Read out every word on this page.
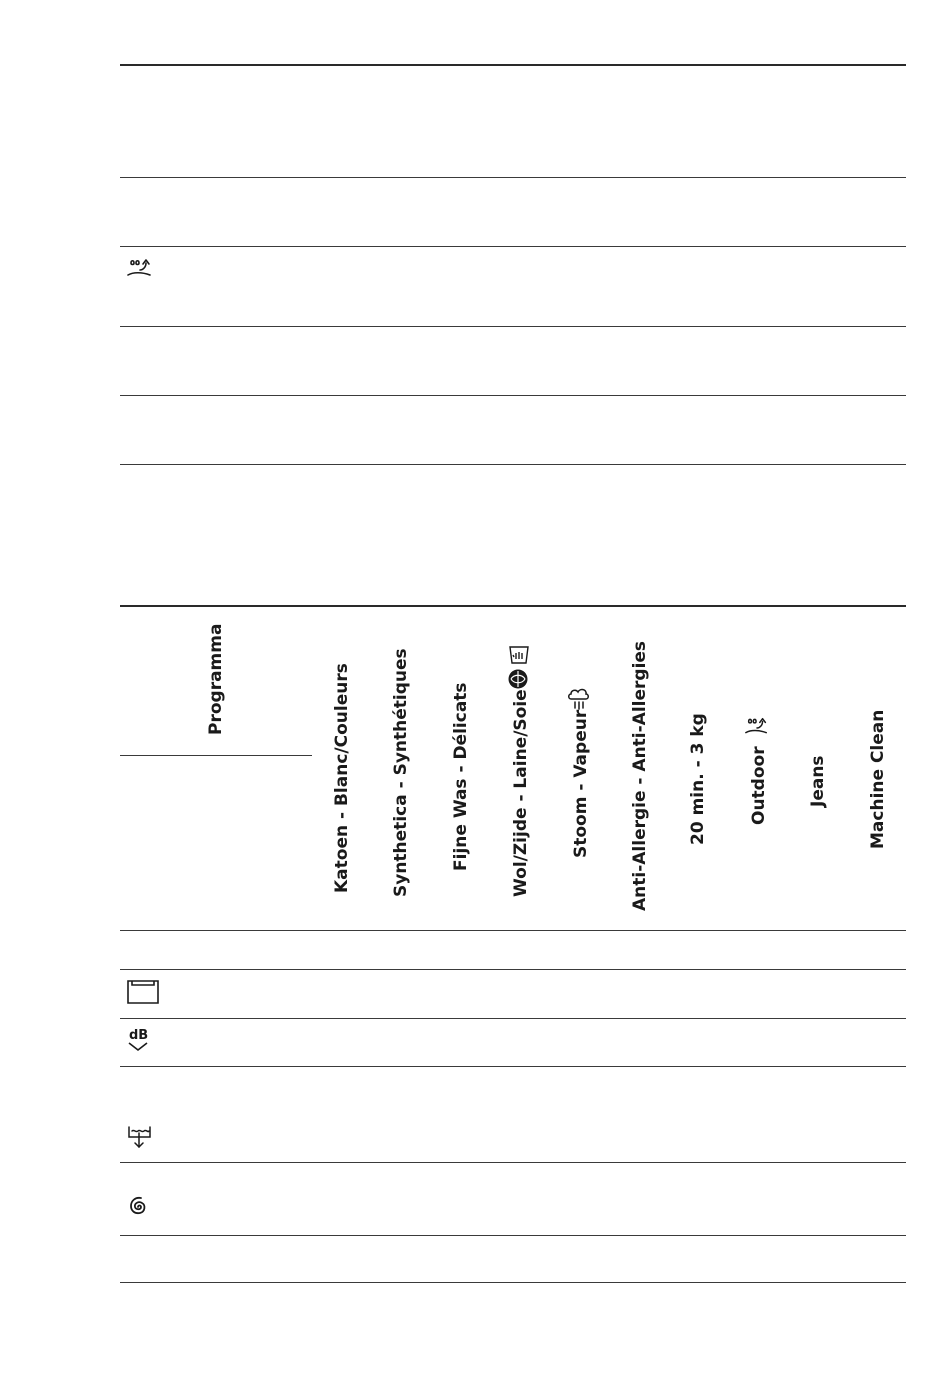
Programma	Katoen - Blanc/Couleurs Synthetica - Synthétiques Fijne Was - Délicats Wol/Zijde - Laine/Soie Stoom - Vapeur Anti-Allergie - Anti-Allergies 20 min. - 3 kg Outdoor Jeans Machine Clean
dB
